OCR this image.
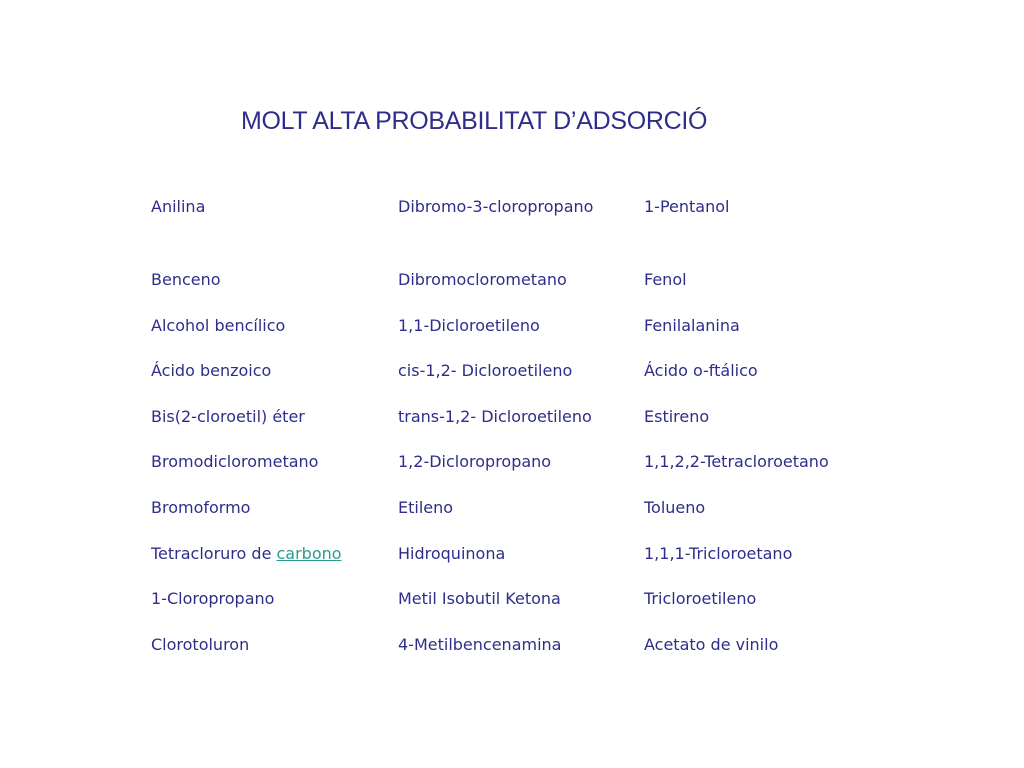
MOLT ALTA PROBABILITAT D’ADSORCIÓ
Anilina
Benceno
Alcohol bencílico
Ácido benzoico
Bis(2-cloroetil) éter
Bromodiclorometano
Bromoformo
Tetracloruro de carbono
1-Cloropropano
Clorotoluron
Dibromo-3-cloropropano
Dibromoclorometano
1,1-Dicloroetileno
cis-1,2- Dicloroetileno
trans-1,2- Dicloroetileno
1,2-Dicloropropano
Etileno
Hidroquinona
Metil Isobutil Ketona
4-Metilbencenamina
1-Pentanol
Fenol
Fenilalanina
Ácido o-ftálico
Estireno
1,1,2,2-Tetracloroetano
Tolueno
1,1,1-Tricloroetano
Tricloroetileno
Acetato de vinilo
